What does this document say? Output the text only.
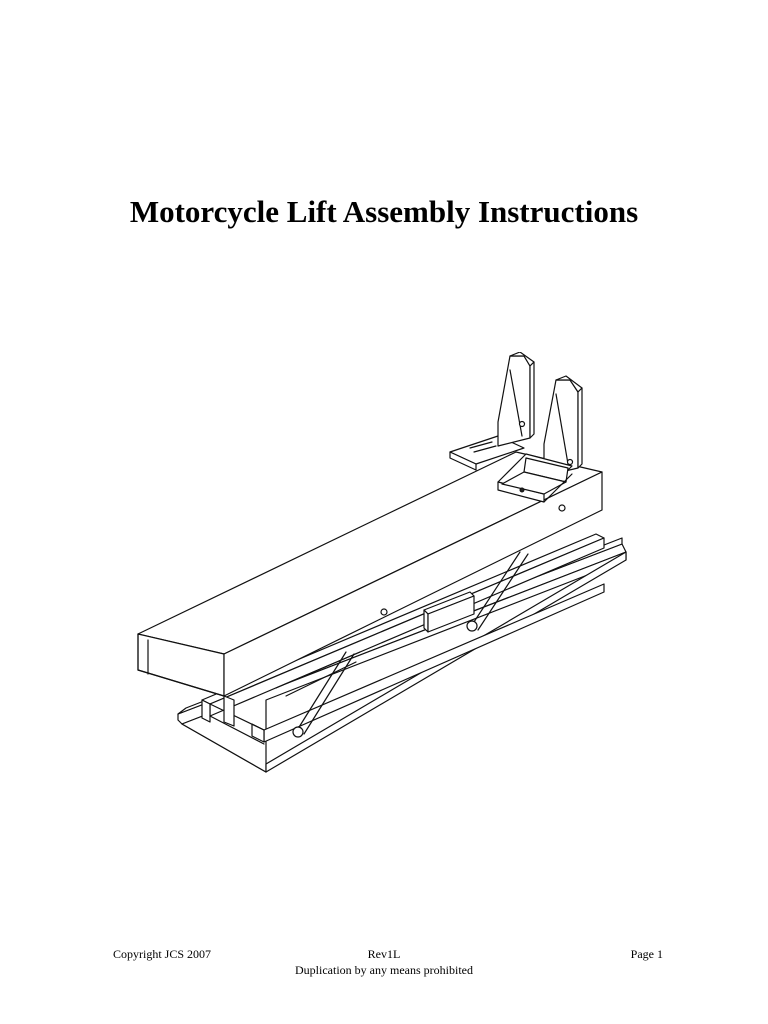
Motorcycle Lift Assembly Instructions
Copyright JCS 2007	Rev1L
Duplication by any means prohibited
Page 1
